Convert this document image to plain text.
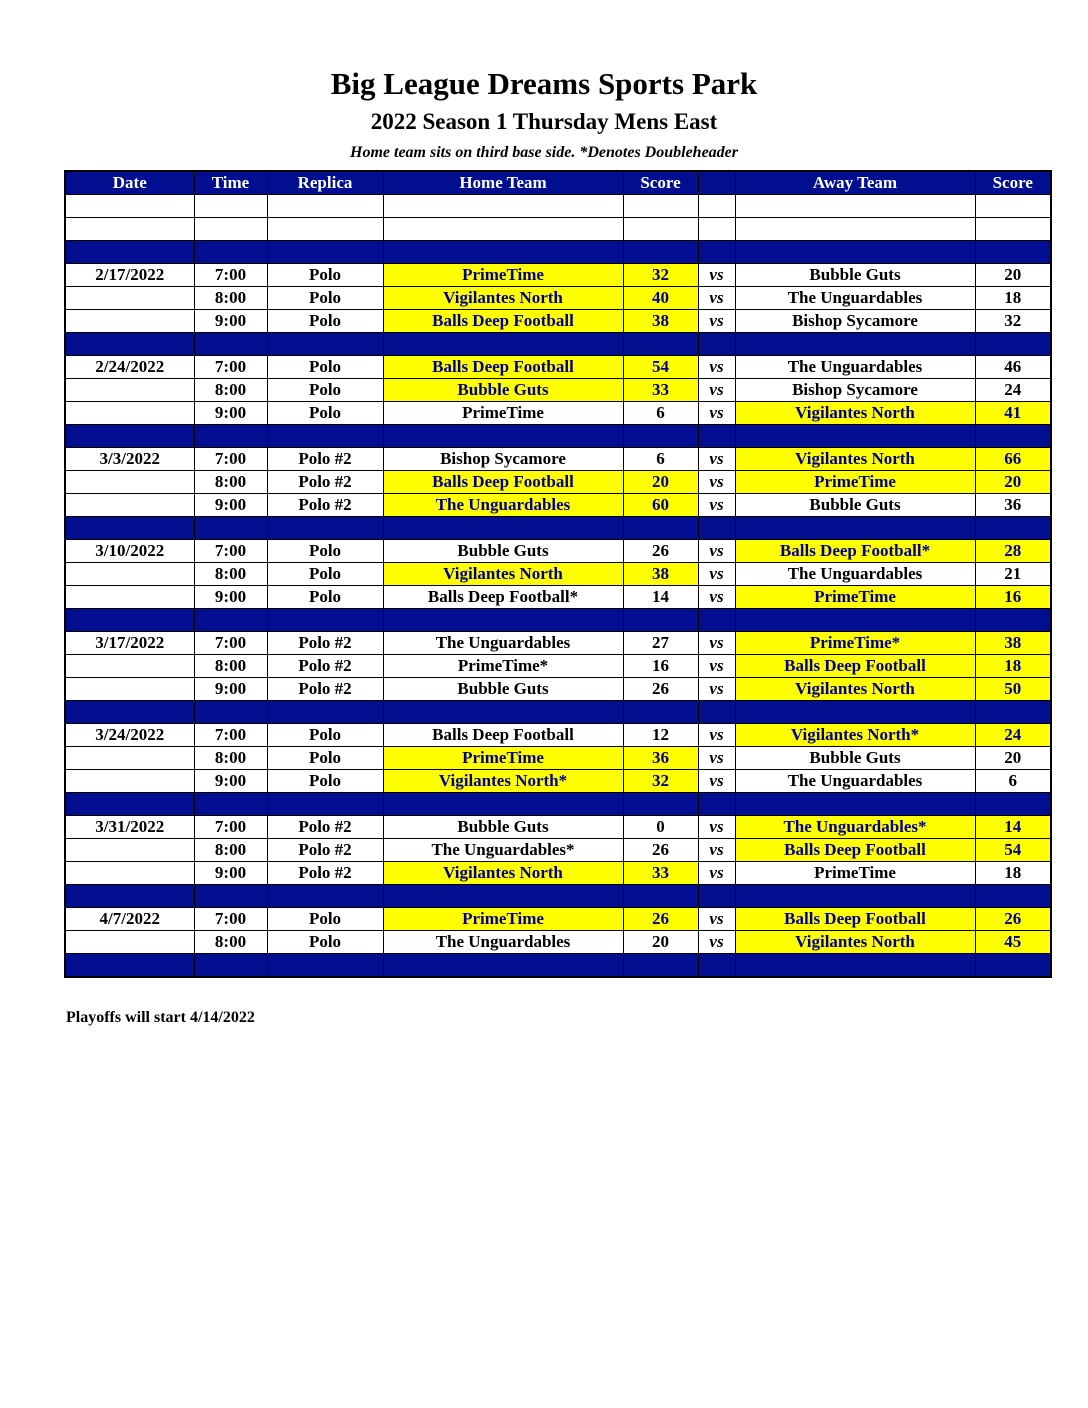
Big League Dreams Sports Park
2022 Season 1 Thursday Mens East
Home team sits on third base side. *Denotes Doubleheader
Date	Time	Replica	Home Team	Score		Away Team	Score

2/17/2022	7:00	Polo	PrimeTime	32	vs	Bubble Guts	20
	8:00	Polo	Vigilantes North	40	vs	The Unguardables	18
	9:00	Polo	Balls Deep Football	38	vs	Bishop Sycamore	32

2/24/2022	7:00	Polo	Balls Deep Football	54	vs	The Unguardables	46
	8:00	Polo	Bubble Guts	33	vs	Bishop Sycamore	24
	9:00	Polo	PrimeTime	6	vs	Vigilantes North	41

3/3/2022	7:00	Polo #2	Bishop Sycamore	6	vs	Vigilantes North	66
	8:00	Polo #2	Balls Deep Football	20	vs	PrimeTime	20
	9:00	Polo #2	The Unguardables	60	vs	Bubble Guts	36

3/10/2022	7:00	Polo	Bubble Guts	26	vs	Balls Deep Football*	28
	8:00	Polo	Vigilantes North	38	vs	The Unguardables	21
	9:00	Polo	Balls Deep Football*	14	vs	PrimeTime	16

3/17/2022	7:00	Polo #2	The Unguardables	27	vs	PrimeTime*	38
	8:00	Polo #2	PrimeTime*	16	vs	Balls Deep Football	18
	9:00	Polo #2	Bubble Guts	26	vs	Vigilantes North	50

3/24/2022	7:00	Polo	Balls Deep Football	12	vs	Vigilantes North*	24
	8:00	Polo	PrimeTime	36	vs	Bubble Guts	20
	9:00	Polo	Vigilantes North*	32	vs	The Unguardables	6

3/31/2022	7:00	Polo #2	Bubble Guts	0	vs	The Unguardables*	14
	8:00	Polo #2	The Unguardables*	26	vs	Balls Deep Football	54
	9:00	Polo #2	Vigilantes North	33	vs	PrimeTime	18

4/7/2022	7:00	Polo	PrimeTime	26	vs	Balls Deep Football	26
	8:00	Polo	The Unguardables	20	vs	Vigilantes North	45

Playoffs will start 4/14/2022
